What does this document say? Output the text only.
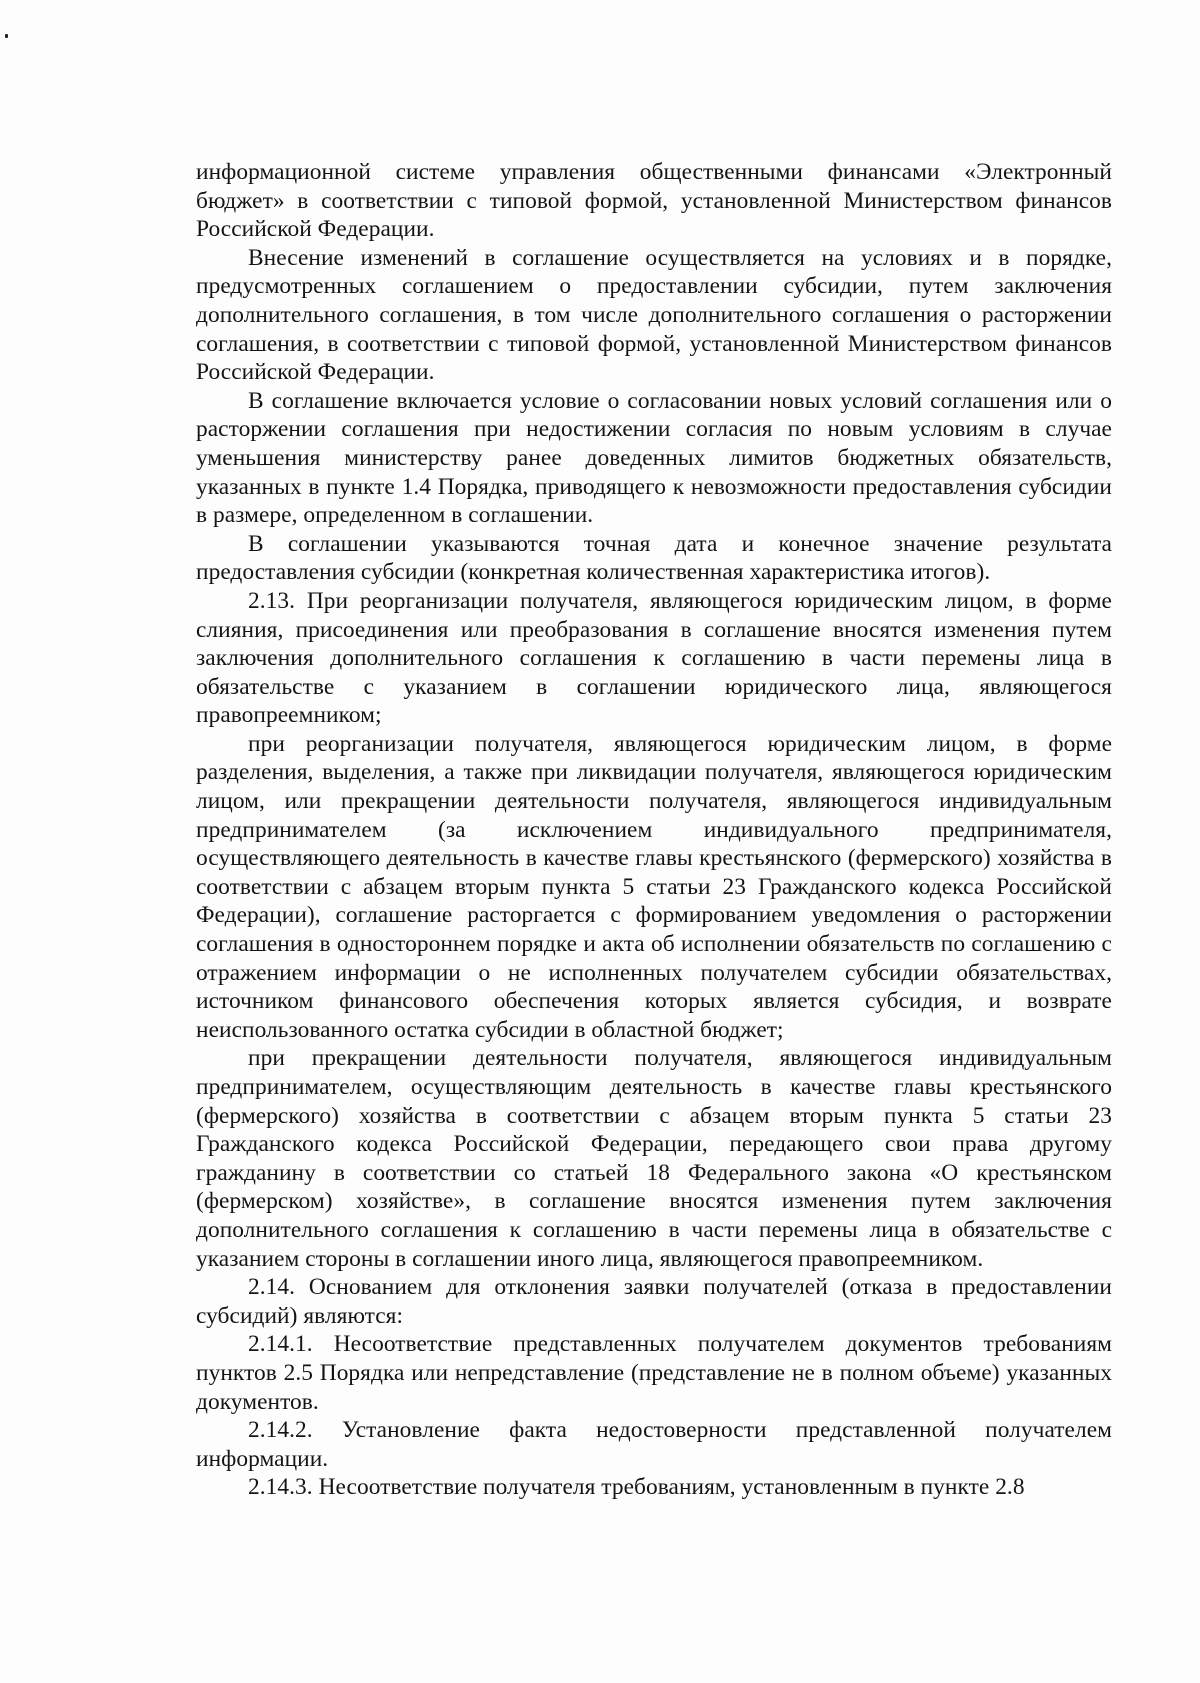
информационной системе управления общественными финансами «Электронный бюджет» в соответствии с типовой формой, установленной Министерством финансов Российской Федерации.

Внесение изменений в соглашение осуществляется на условиях и в порядке, предусмотренных соглашением о предоставлении субсидии, путем заключения дополнительного соглашения, в том числе дополнительного соглашения о расторжении соглашения, в соответствии с типовой формой, установленной Министерством финансов Российской Федерации.

В соглашение включается условие о согласовании новых условий соглашения или о расторжении соглашения при недостижении согласия по новым условиям в случае уменьшения министерству ранее доведенных лимитов бюджетных обязательств, указанных в пункте 1.4 Порядка, приводящего к невозможности предоставления субсидии в размере, определенном в соглашении.

В соглашении указываются точная дата и конечное значение результата предоставления субсидии (конкретная количественная характеристика итогов).

2.13. При реорганизации получателя, являющегося юридическим лицом, в форме слияния, присоединения или преобразования в соглашение вносятся изменения путем заключения дополнительного соглашения к соглашению в части перемены лица в обязательстве с указанием в соглашении юридического лица, являющегося правопреемником;

при реорганизации получателя, являющегося юридическим лицом, в форме разделения, выделения, а также при ликвидации получателя, являющегося юридическим лицом, или прекращении деятельности получателя, являющегося индивидуальным предпринимателем (за исключением индивидуального предпринимателя, осуществляющего деятельность в качестве главы крестьянского (фермерского) хозяйства в соответствии с абзацем вторым пункта 5 статьи 23 Гражданского кодекса Российской Федерации), соглашение расторгается с формированием уведомления о расторжении соглашения в одностороннем порядке и акта об исполнении обязательств по соглашению с отражением информации о не исполненных получателем субсидии обязательствах, источником финансового обеспечения которых является субсидия, и возврате неиспользованного остатка субсидии в областной бюджет;

при прекращении деятельности получателя, являющегося индивидуальным предпринимателем, осуществляющим деятельность в качестве главы крестьянского (фермерского) хозяйства в соответствии с абзацем вторым пункта 5 статьи 23 Гражданского кодекса Российской Федерации, передающего свои права другому гражданину в соответствии со статьей 18 Федерального закона «О крестьянском (фермерском) хозяйстве», в соглашение вносятся изменения путем заключения дополнительного соглашения к соглашению в части перемены лица в обязательстве с указанием стороны в соглашении иного лица, являющегося правопреемником.

2.14. Основанием для отклонения заявки получателей (отказа в предоставлении субсидий) являются:

2.14.1. Несоответствие представленных получателем документов требованиям пунктов 2.5 Порядка или непредставление (представление не в полном объеме) указанных документов.

2.14.2. Установление факта недостоверности представленной получателем информации.

2.14.3. Несоответствие получателя требованиям, установленным в пункте 2.8
